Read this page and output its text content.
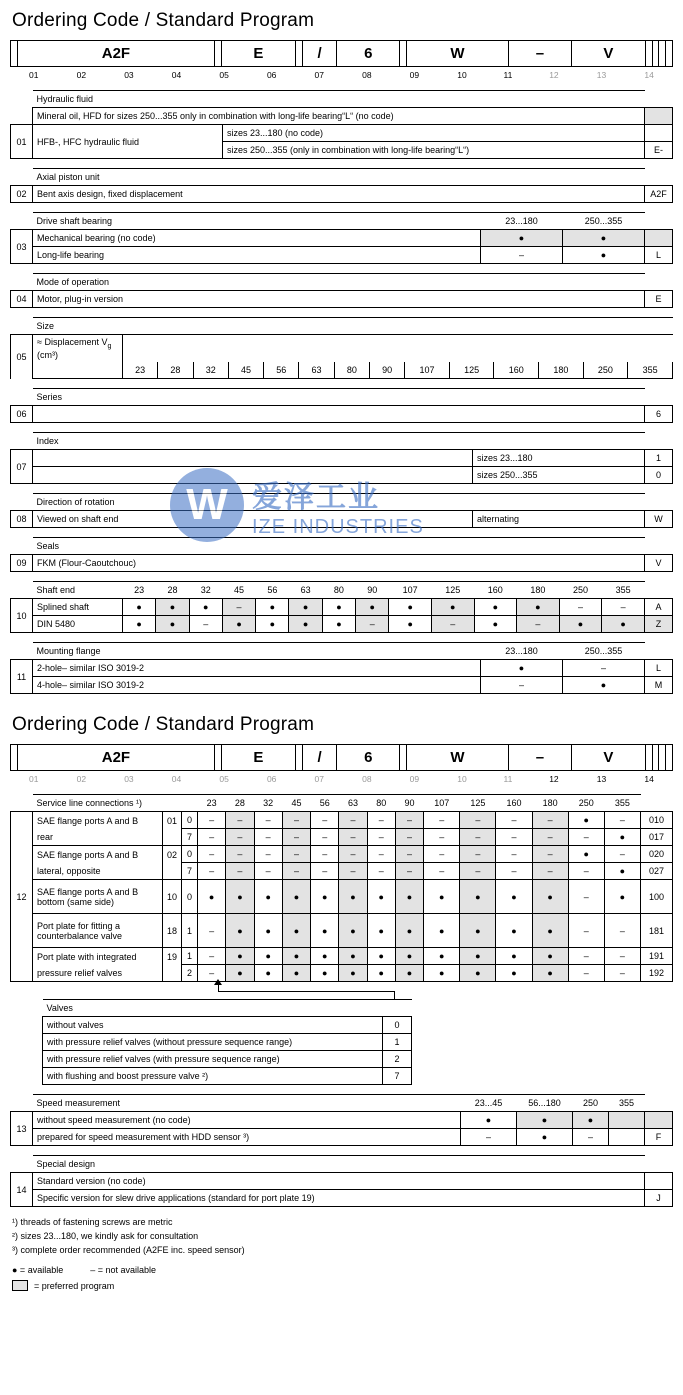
W 爱泽工业
IZE INDUSTRIES
Ordering Code / Standard Program
	A2F		E		/	6		W	–	V				
01	02	03	04	05		06	07	08		09	10	11	12	13	14
	Hydraulic fluid		
	Mineral oil, HFD for sizes 250...355 only in combination with long-life bearing“L“ (no code)		
01	HFB-, HFC hydraulic fluid	sizes 23...180 (no code)	
		sizes 250...355 (only in combination with long-life bearing“L“)	E-
	Axial piston unit	
02	Bent axis design, fixed displacement	A2F
	Drive shaft bearing	23...180	250...355	
03	Mechanical bearing (no code)	●	●	
	Long-life bearing	–	●	L
	Mode of operation	
04	Motor, plug-in version	E
	Size														
05	≈ Displacement $V_g$ (cm³)														
		23	28	32	45	56	63	80	90	107	125	160	180	250	355
	Series	
06		6
	Index		
07		sizes 23...180	1
		sizes 250...355	0
	Direction of rotation		
08	Viewed on shaft end	alternating	W
	Seals	
09	FKM (Flour-Caoutchouc)	V
	Shaft end	23	28	32	45	56	63	80	90	107	125	160	180	250	355	
10	Splined shaft	●	●	●	–	●	●	●	●	●	●	●	●	–	–	A
	DIN 5480	●	●	–	●	●	●	●	–	●	–	●	–	●	●	Z
	Mounting flange	23...180	250...355	
11	2-hole– similar ISO 3019-2	●	–	L
	4-hole– similar ISO 3019-2	–	●	M
Ordering Code / Standard Program
	A2F		E		/	6		W	–	V				
01	02	03	04	05		06	07	08		09	10	11	12	13	14
	Service line connections ¹)			23	28	32	45	56	63	80	90	107	125	160	180	250	355	
12	SAE flange ports A and B	01	0	–	–	–	–	–	–	–	–	–	–	–	–	●	–	010
	rear		7	–	–	–	–	–	–	–	–	–	–	–	–	–	●	017
	SAE flange ports A and B	02	0	–	–	–	–	–	–	–	–	–	–	–	–	●	–	020
	lateral, opposite		7	–	–	–	–	–	–	–	–	–	–	–	–	–	●	027

	SAE flange ports A and B
bottom (same side)	10	0	●	●	●	●	●	●	●	●	●	●	●	●	–	●	100

	Port plate for fitting a
counterbalance valve	18	1	–	●	●	●	●	●	●	●	●	●	●	●	–	–	181
	Port plate with integrated	19	1	–	●	●	●	●	●	●	●	●	●	●	●	–	–	191
	pressure relief valves		2	–	●	●	●	●	●	●	●	●	●	●	●	–	–	192
Valves	
without valves	0
with pressure relief valves (without pressure sequence range)	1
with pressure relief valves (with pressure sequence range)	2
with flushing and boost pressure valve ²)	7
	Speed measurement	23...45	56...180	250	355	
13	without speed measurement (no code)	●	●	●		
	prepared for speed measurement with HDD sensor ³)	–	●	–		F
	Special design	
14	Standard version (no code)	
	Specific version for slew drive applications (standard for port plate 19)	J
¹) threads of fastening screws are metric
²) sizes 23...180, we kindly ask for consultation
³) complete order recommended (A2FE inc. speed sensor)
● = available	– = not available
= preferred program
